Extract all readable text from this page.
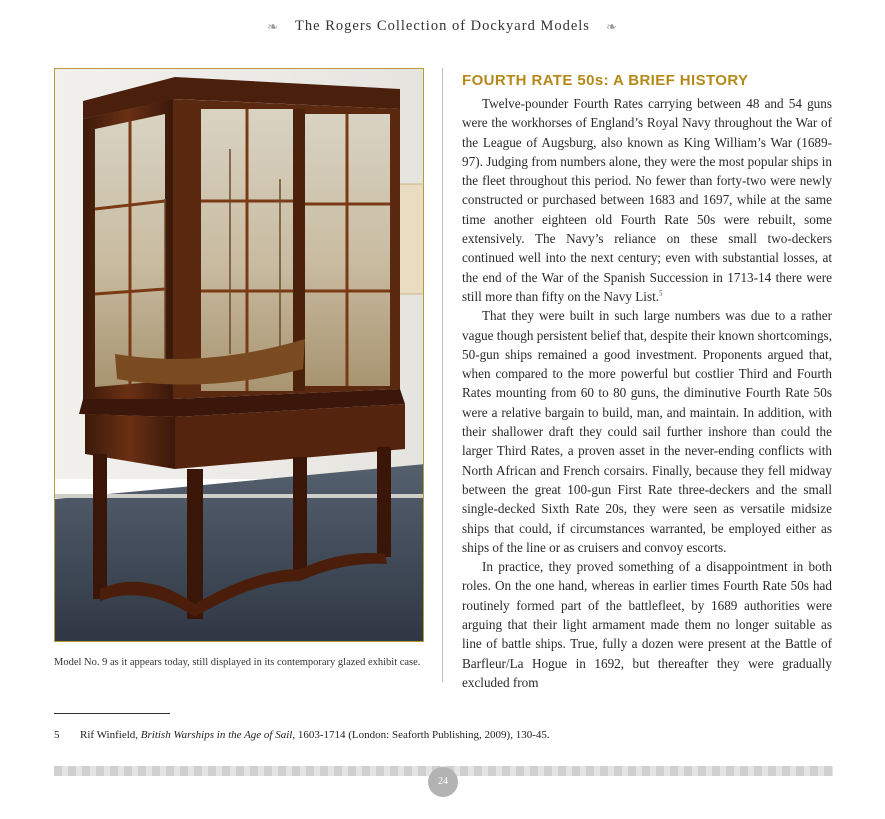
❧ The Rogers Collection of Dockyard Models ❧
Model No. 9 as it appears today, still displayed in its contemporary glazed exhibit case.
FOURTH RATE 50s: A BRIEF HISTORY

Twelve-pounder Fourth Rates carrying between 48 and 54 guns were the workhorses of England’s Royal Navy throughout the War of the League of Augsburg, also known as King William’s War (1689-97). Judging from numbers alone, they were the most popular ships in the fleet throughout this period. No fewer than forty-two were newly constructed or purchased between 1683 and 1697, while at the same time another eighteen old Fourth Rate 50s were rebuilt, some extensively. The Navy’s reliance on these small two-deckers continued well into the next century; even with substantial losses, at the end of the War of the Spanish Succession in 1713-14 there were still more than fifty on the Navy List.$^5$

That they were built in such large numbers was due to a rather vague though persistent belief that, despite their known shortcomings, 50-gun ships remained a good investment. Proponents argued that, when compared to the more powerful but costlier Third and Fourth Rates mounting from 60 to 80 guns, the diminutive Fourth Rate 50s were a relative bargain to build, man, and maintain. In addition, with their shallower draft they could sail further inshore than could the larger Third Rates, a proven asset in the never-ending conflicts with North African and French corsairs. Finally, because they fell midway between the great 100-gun First Rate three-deckers and the small single-decked Sixth Rate 20s, they were seen as versatile midsize ships that could, if circumstances warranted, be employed either as ships of the line or as cruisers and convoy escorts.

In practice, they proved something of a disappointment in both roles. On the one hand, whereas in earlier times Fourth Rate 50s had routinely formed part of the battlefleet, by 1689 authorities were arguing that their light armament made them no longer suitable as line of battle ships. True, fully a dozen were present at the Battle of Barfleur/La Hogue in 1692, but thereafter they were gradually excluded from

5	Rif Winfield, British Warships in the Age of Sail, 1603-1714 (London: Seaforth Publishing, 2009), 130-45.
24
